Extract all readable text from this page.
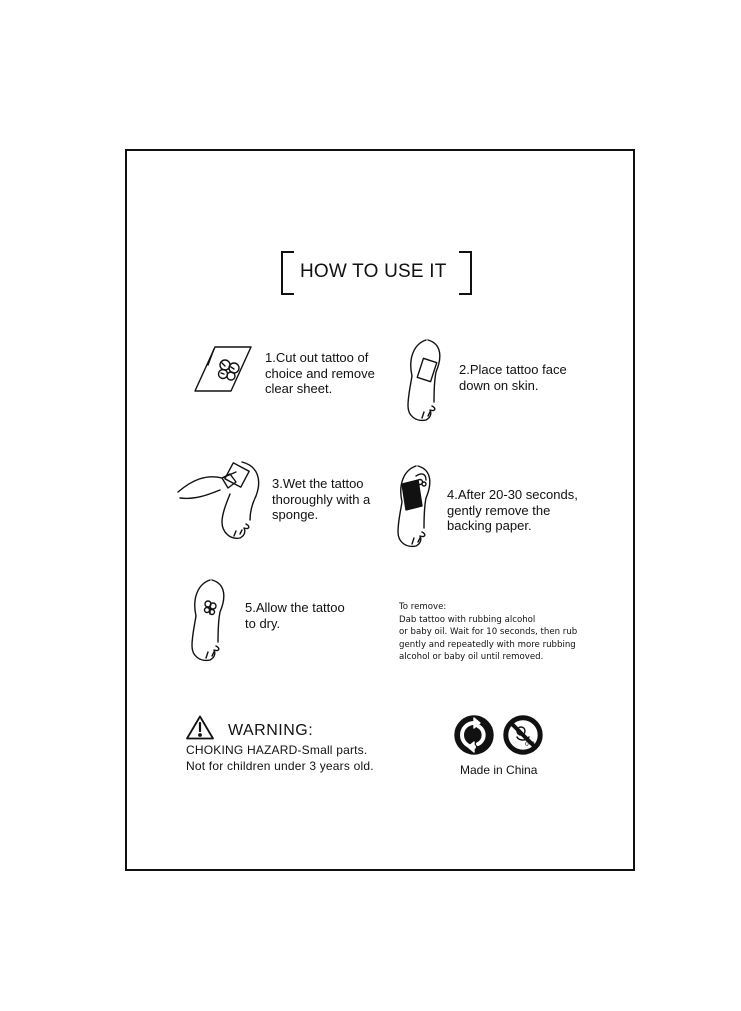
HOW TO USE IT
1.Cut out tattoo of
choice and remove
clear sheet.
2.Place tattoo face
down on skin.
3.Wet the tattoo
thoroughly with a
sponge.
4.After 20-30 seconds,
gently remove the
backing paper.
5.Allow the tattoo
to dry.
To remove:
Dab tattoo with rubbing alcohol
or baby oil. Wait for 10 seconds, then rub
gently and repeatedly with more rubbing
alcohol or baby oil until removed.
WARNING:
CHOKING HAZARD-Small parts.
Not for children under 3 years old.
0-3
Made in China
